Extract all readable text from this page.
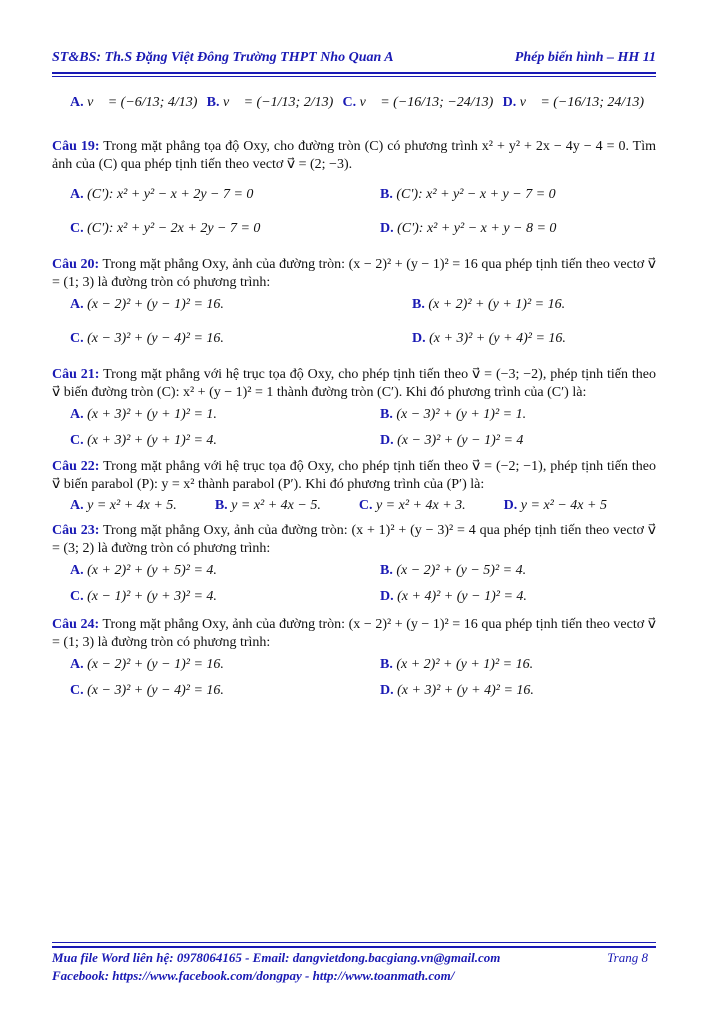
ST&BS: Th.S Đặng Việt Đông Trường THPT Nho Quan A	Phép biến hình – HH 11
A. v⃗ = (−6/13; 4/13) B. v⃗ = (−1/13; 2/13) C. v⃗ = (−16/13; −24/13) D. v⃗ = (−16/13; 24/13)
Câu 19: Trong mặt phẳng tọa độ Oxy, cho đường tròn (C) có phương trình x² + y² + 2x − 4y − 4 = 0. Tìm ảnh của (C) qua phép tịnh tiến theo vectơ v⃗ = (2; −3).
A. (C'): x² + y² − x + 2y − 7 = 0	B. (C'): x² + y² − x + y − 7 = 0
C. (C'): x² + y² − 2x + 2y − 7 = 0	D. (C'): x² + y² − x + y − 8 = 0
Câu 20: Trong mặt phẳng Oxy, ảnh của đường tròn: (x − 2)² + (y − 1)² = 16 qua phép tịnh tiến theo vectơ v⃗ = (1; 3) là đường tròn có phương trình:
A. (x − 2)² + (y − 1)² = 16.	B. (x + 2)² + (y + 1)² = 16.
C. (x − 3)² + (y − 4)² = 16.	D. (x + 3)² + (y + 4)² = 16.
Câu 21: Trong mặt phẳng với hệ trục tọa độ Oxy, cho phép tịnh tiến theo v⃗ = (−3; −2), phép tịnh tiến theo v⃗ biến đường tròn (C): x² + (y − 1)² = 1 thành đường tròn (C′). Khi đó phương trình của (C′) là:
A. (x + 3)² + (y + 1)² = 1.	B. (x − 3)² + (y + 1)² = 1.
C. (x + 3)² + (y + 1)² = 4.	D. (x − 3)² + (y − 1)² = 4
Câu 22: Trong mặt phẳng với hệ trục tọa độ Oxy, cho phép tịnh tiến theo v⃗ = (−2; −1), phép tịnh tiến theo v⃗ biến parabol (P): y = x² thành parabol (P′). Khi đó phương trình của (P′) là:
A. y = x² + 4x + 5.	B. y = x² + 4x − 5.	C. y = x² + 4x + 3.	D. y = x² − 4x + 5
Câu 23: Trong mặt phẳng Oxy, ảnh của đường tròn: (x + 1)² + (y − 3)² = 4 qua phép tịnh tiến theo vectơ v⃗ = (3; 2) là đường tròn có phương trình:
A. (x + 2)² + (y + 5)² = 4.	B. (x − 2)² + (y − 5)² = 4.
C. (x − 1)² + (y + 3)² = 4.	D. (x + 4)² + (y − 1)² = 4.
Câu 24: Trong mặt phẳng Oxy, ảnh của đường tròn: (x − 2)² + (y − 1)² = 16 qua phép tịnh tiến theo vectơ v⃗ = (1; 3) là đường tròn có phương trình:
A. (x − 2)² + (y − 1)² = 16.	B. (x + 2)² + (y + 1)² = 16.
C. (x − 3)² + (y − 4)² = 16.	D. (x + 3)² + (y + 4)² = 16.
Mua file Word liên hệ: 0978064165 - Email: dangvietdong.bacgiang.vn@gmail.com	Trang 8
Facebook: https://www.facebook.com/dongpay - http://www.toanmath.com/
